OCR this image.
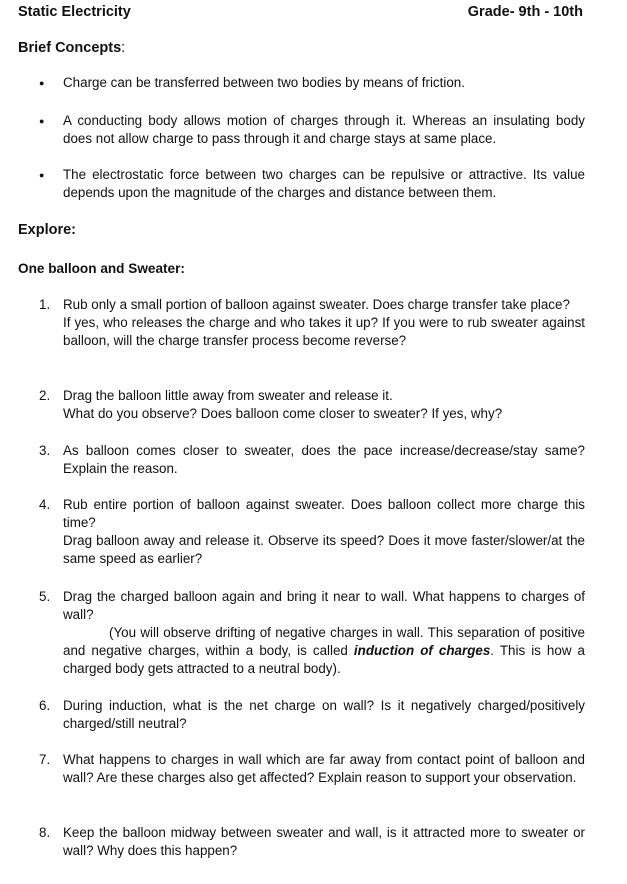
Static Electricity	Grade- 9th - 10th
Brief Concepts:
● Charge can be transferred between two bodies by means of friction.
● A conducting body allows motion of charges through it. Whereas an insulating body does not allow charge to pass through it and charge stays at same place.
● The electrostatic force between two charges can be repulsive or attractive. Its value depends upon the magnitude of the charges and distance between them.
Explore:
One balloon and Sweater:
1. Rub only a small portion of balloon against sweater. Does charge transfer take place?

If yes, who releases the charge and who takes it up? If you were to rub sweater against balloon, will the charge transfer process become reverse?

2. Drag the balloon little away from sweater and release it.

What do you observe? Does balloon come closer to sweater? If yes, why?

3. As balloon comes closer to sweater, does the pace increase/decrease/stay same? Explain the reason.

4. Rub entire portion of balloon against sweater. Does balloon collect more charge this time?

Drag balloon away and release it. Observe its speed? Does it move faster/slower/at the same speed as earlier?

5. Drag the charged balloon again and bring it near to wall. What happens to charges of wall?

(You will observe drifting of negative charges in wall. This separation of positive and negative charges, within a body, is called induction of charges. This is how a charged body gets attracted to a neutral body).

6. During induction, what is the net charge on wall? Is it negatively charged/positively charged/still neutral?

7. What happens to charges in wall which are far away from contact point of balloon and wall? Are these charges also get affected? Explain reason to support your observation.

8. Keep the balloon midway between sweater and wall, is it attracted more to sweater or wall? Why does this happen?
